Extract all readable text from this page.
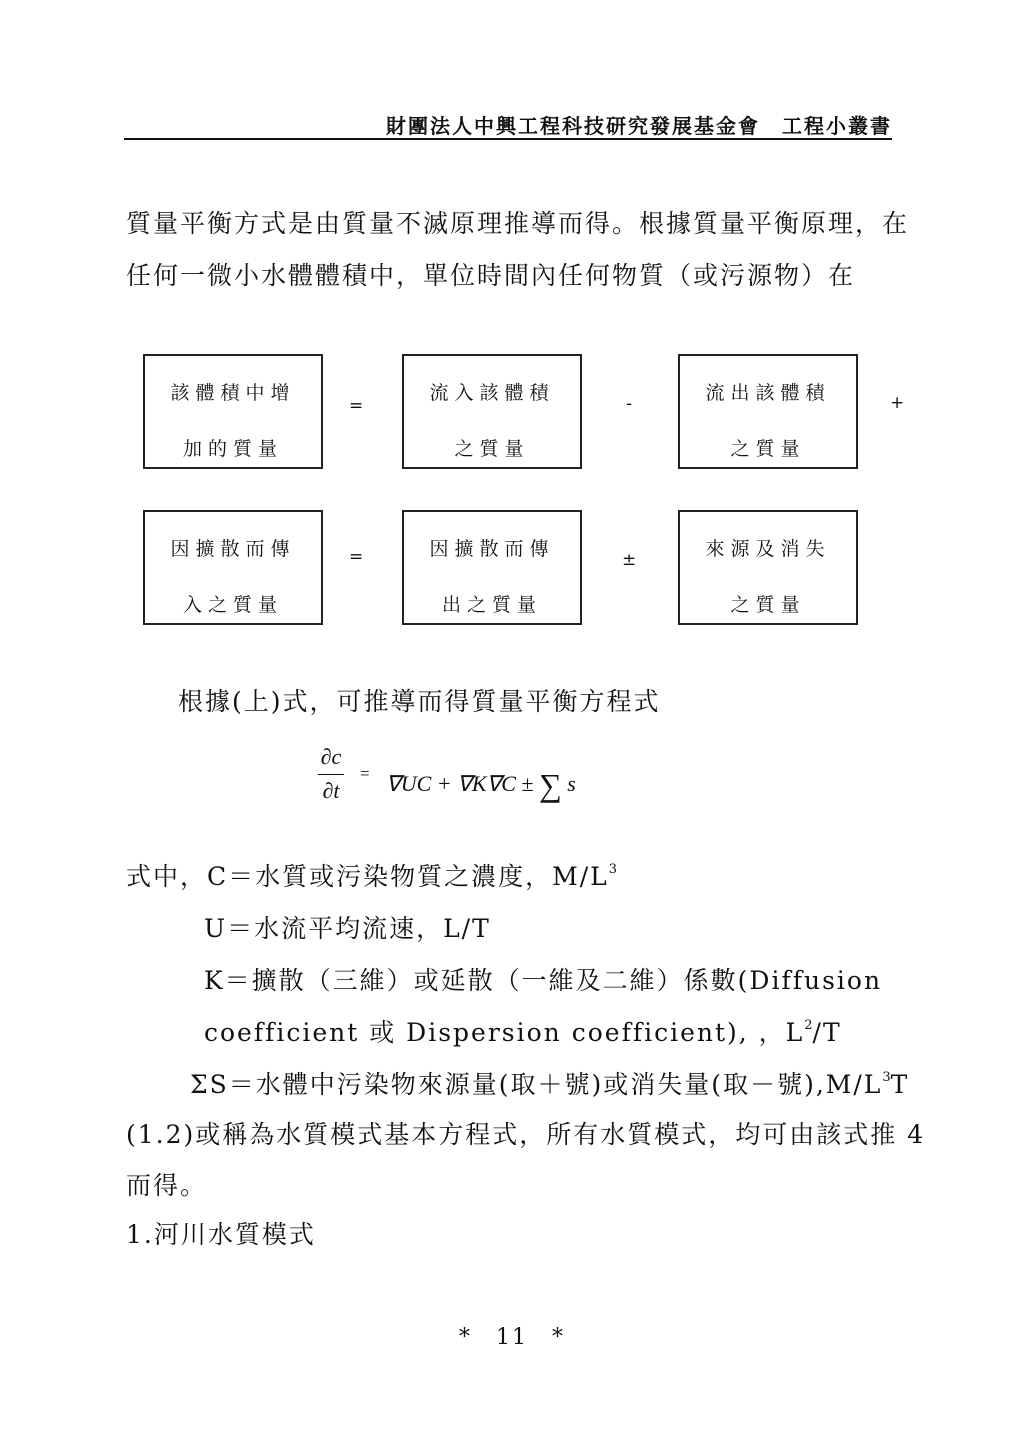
財團法人中興工程科技研究發展基金會　工程小叢書
質量平衡方式是由質量不滅原理推導而得。根據質量平衡原理，在
任何一微小水體體積中，單位時間內任何物質（或污源物）在
該體積中增
加的質量
=
流入該體積
之質量
-	流出該體積
之質量
+
因擴散而傳
入之質量
=	因擴散而傳
出之質量
±	來源及消失
之質量
根據(上)式，可推導而得質量平衡方程式
∂c
∂t
= ∇UC + ∇K∇C ± ∑ s
式中，C＝水質或污染物質之濃度，$M/L^3$
U＝水流平均流速，L/T
K＝擴散（三維）或延散（一維及二維）係數(Diffusion
coefficient 或 Dispersion coefficient), ，$L^2/T$
ΣS＝水體中污染物來源量(取＋號)或消失量(取－號)$,M/L^3T$
(1.2)或稱為水質模式基本方程式，所有水質模式，均可由該式推 4
而得。
1.河川水質模式
*　11　*
